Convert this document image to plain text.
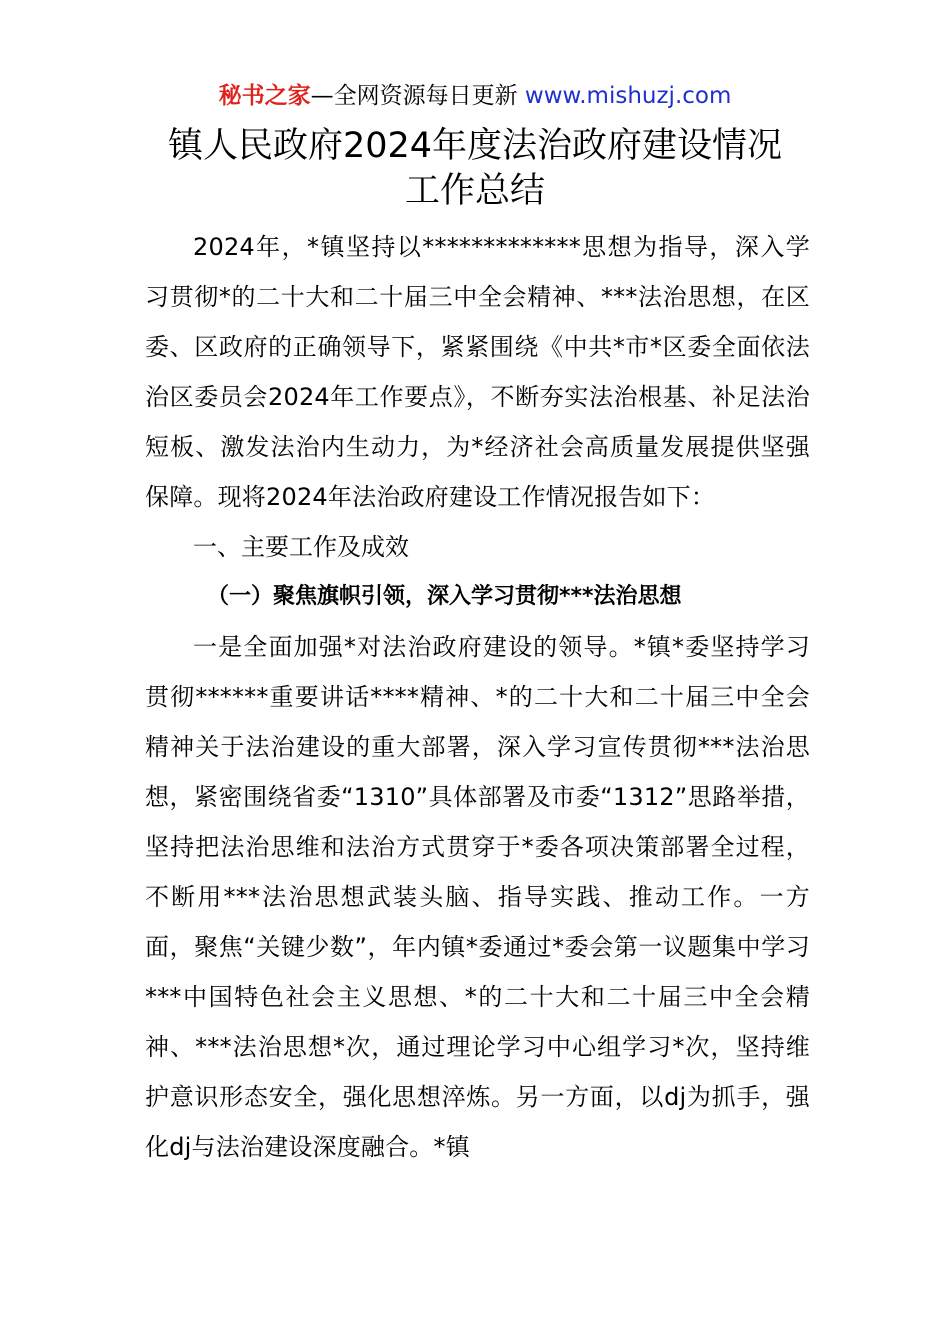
秘书之家—全网资源每日更新 www.mishuzj.com
镇人民政府2024年度法治政府建设情况
工作总结

2024年，*镇坚持以*************思想为指导，深入学习贯彻*的二十大和二十届三中全会精神、***法治思想，在区委、区政府的正确领导下，紧紧围绕《中共*市*区委全面依法治区委员会2024年工作要点》，不断夯实法治根基、补足法治短板、激发法治内生动力，为*经济社会高质量发展提供坚强保障。现将2024年法治政府建设工作情况报告如下：

一、主要工作及成效
（一）聚焦旗帜引领，深入学习贯彻***法治思想

一是全面加强*对法治政府建设的领导。*镇*委坚持学习贯彻******重要讲话****精神、*的二十大和二十届三中全会精神关于法治建设的重大部署，深入学习宣传贯彻***法治思想，紧密围绕省委“1310”具体部署及市委“1312”思路举措，坚持把法治思维和法治方式贯穿于*委各项决策部署全过程，不断用***法治思想武装头脑、指导实践、推动工作。一方面，聚焦“关键少数”，年内镇*委通过*委会第一议题集中学习***中国特色社会主义思想、*的二十大和二十届三中全会精神、***法治思想*次，通过理论学习中心组学习*次，坚持维护意识形态安全，强化思想淬炼。另一方面，以dj为抓手，强化dj与法治建设深度融合。*镇
